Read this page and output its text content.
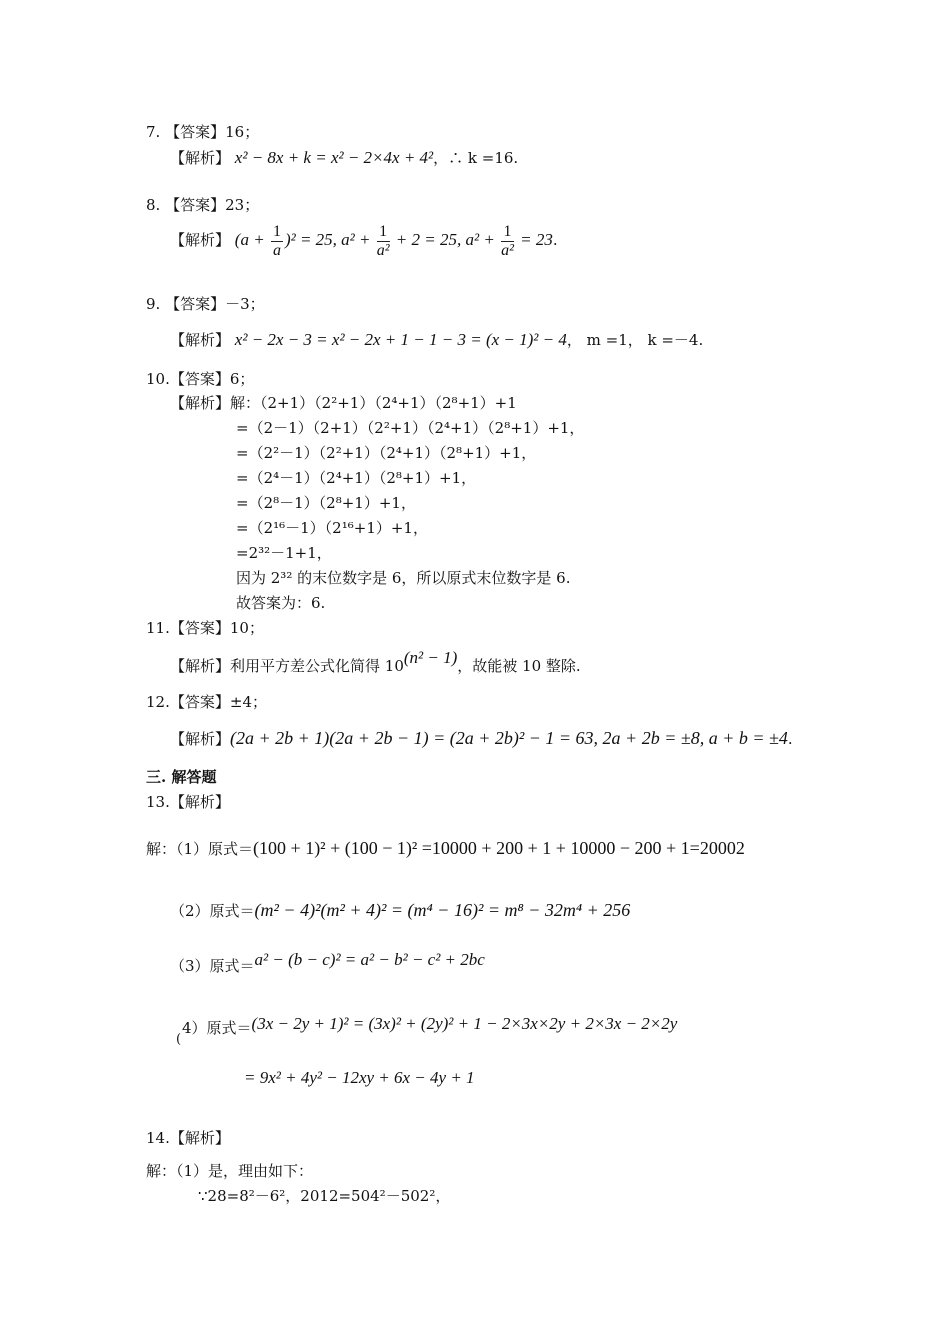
7. 【答案】16；
【解析】 x² − 8x + k = x² − 2×4x + 4²，∴ k =16.
8. 【答案】23；
【解析】 $(a + \frac{1}{a} )^2 = 25$, $a^2 + \frac{1}{\text{a²}} + 2 = 25$, $a^2 + \frac{1}{\text{a²}} = 23$.
9. 【答案】－3；
【解析】 x² − 2x − 3 = x² − 2x + 1 − 1 − 3 = (x − 1)² − 4， m =1， k =－4.
10.【答案】6；
【解析】解：（2+1）（2²+1）（2⁴+1）（2⁸+1）+1
=（2－1）（2+1）（2²+1）（2⁴+1）（2⁸+1）+1，
=（2²－1）（2²+1）（2⁴+1）（2⁸+1）+1，
=（2⁴－1）（2⁴+1）（2⁸+1）+1，
=（2⁸－1）（2⁸+1）+1，
=（2¹⁶－1）（2¹⁶+1）+1，
=2³²－1+1，
因为 2³² 的末位数字是 6，所以原式末位数字是 6.
故答案为：6.
11.【答案】10；
【解析】利用平方差公式化简得 10(n² − 1)，故能被 10 整除.
12.【答案】±4；
【解析】(2a + 2b + 1)(2a + 2b − 1) = (2a + 2b)² − 1 = 63, 2a + 2b = ±8, a + b = ±4.
三. 解答题
13.【解析】
解：（1）原式＝(100 + 1)² + (100 − 1)² =10000 + 200 + 1 + 10000 − 200 + 1=20002
（2）原式＝(m² − 4)²(m² + 4)² = (m⁴ − 16)² = m⁸ − 32m⁴ + 256
（3）原式＝a² − (b − c)² = a² − b² − c² + 2bc
(
4）原式＝(3x − 2y + 1)² = (3x)² + (2y)² + 1 − 2×3x×2y + 2×3x − 2×2y
= 9x² + 4y² − 12xy + 6x − 4y + 1
14.【解析】
解：（1）是，理由如下：
∵28=8²－6²，2012=504²－502²，
